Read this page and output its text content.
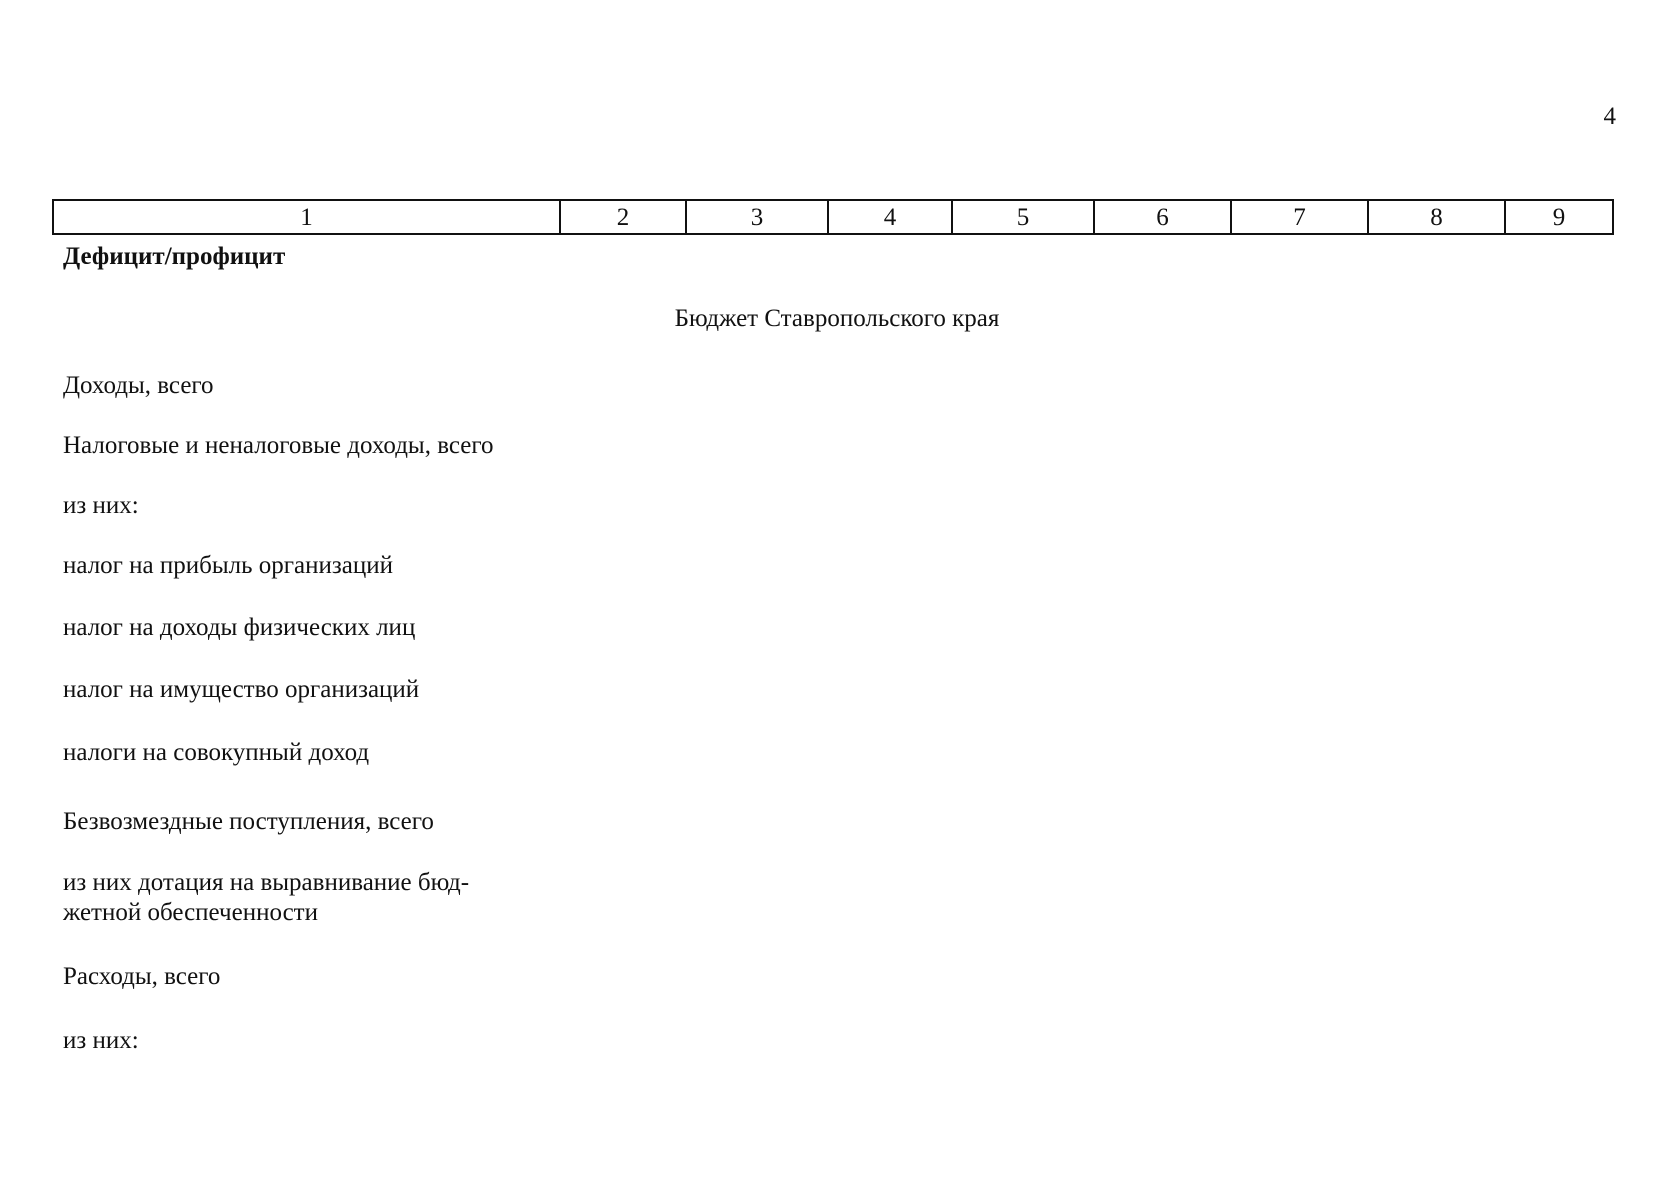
4
1	2	3	4	5	6	7	8	9
Дефицит/профицит
Бюджет Ставропольского края
Доходы, всего
Налоговые и неналоговые доходы, всего
из них:
налог на прибыль организаций
налог на доходы физических лиц
налог на имущество организаций
налоги на совокупный доход
Безвозмездные поступления, всего
из них дотация на выравнивание бюд-
жетной обеспеченности
Расходы, всего
из них:
